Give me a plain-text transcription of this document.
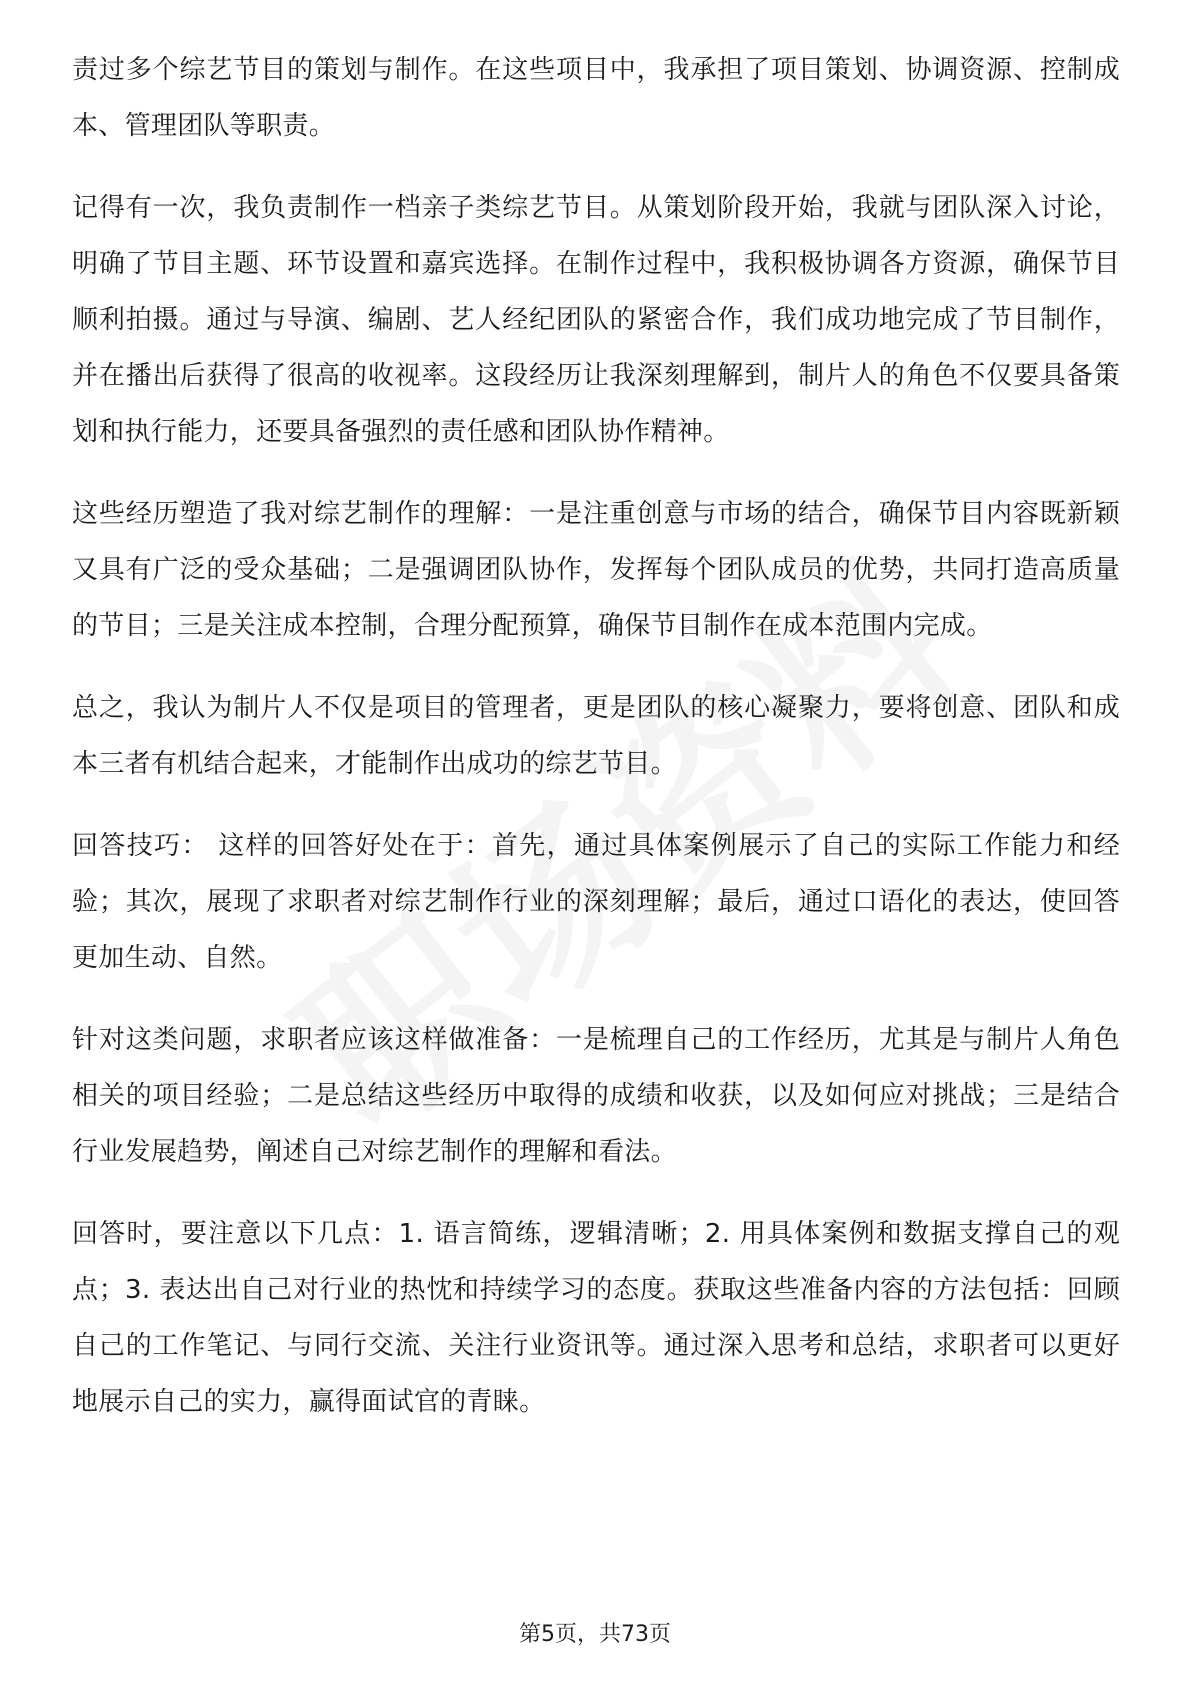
责过多个综艺节目的策划与制作。在这些项目中，我承担了项目策划、协调资源、控制成本、管理团队等职责。

记得有一次，我负责制作一档亲子类综艺节目。从策划阶段开始，我就与团队深入讨论，明确了节目主题、环节设置和嘉宾选择。在制作过程中，我积极协调各方资源，确保节目顺利拍摄。通过与导演、编剧、艺人经纪团队的紧密合作，我们成功地完成了节目制作，并在播出后获得了很高的收视率。这段经历让我深刻理解到，制片人的角色不仅要具备策划和执行能力，还要具备强烈的责任感和团队协作精神。

这些经历塑造了我对综艺制作的理解：一是注重创意与市场的结合，确保节目内容既新颖又具有广泛的受众基础；二是强调团队协作，发挥每个团队成员的优势，共同打造高质量的节目；三是关注成本控制，合理分配预算，确保节目制作在成本范围内完成。

总之，我认为制片人不仅是项目的管理者，更是团队的核心凝聚力，要将创意、团队和成本三者有机结合起来，才能制作出成功的综艺节目。

回答技巧： 这样的回答好处在于：首先，通过具体案例展示了自己的实际工作能力和经验；其次，展现了求职者对综艺制作行业的深刻理解；最后，通过口语化的表达，使回答更加生动、自然。

针对这类问题，求职者应该这样做准备：一是梳理自己的工作经历，尤其是与制片人角色相关的项目经验；二是总结这些经历中取得的成绩和收获，以及如何应对挑战；三是结合行业发展趋势，阐述自己对综艺制作的理解和看法。

回答时，要注意以下几点：1. 语言简练，逻辑清晰；2. 用具体案例和数据支撑自己的观点；3. 表达出自己对行业的热忱和持续学习的态度。获取这些准备内容的方法包括：回顾自己的工作笔记、与同行交流、关注行业资讯等。通过深入思考和总结，求职者可以更好地展示自己的实力，赢得面试官的青睐。

第5页，共73页
